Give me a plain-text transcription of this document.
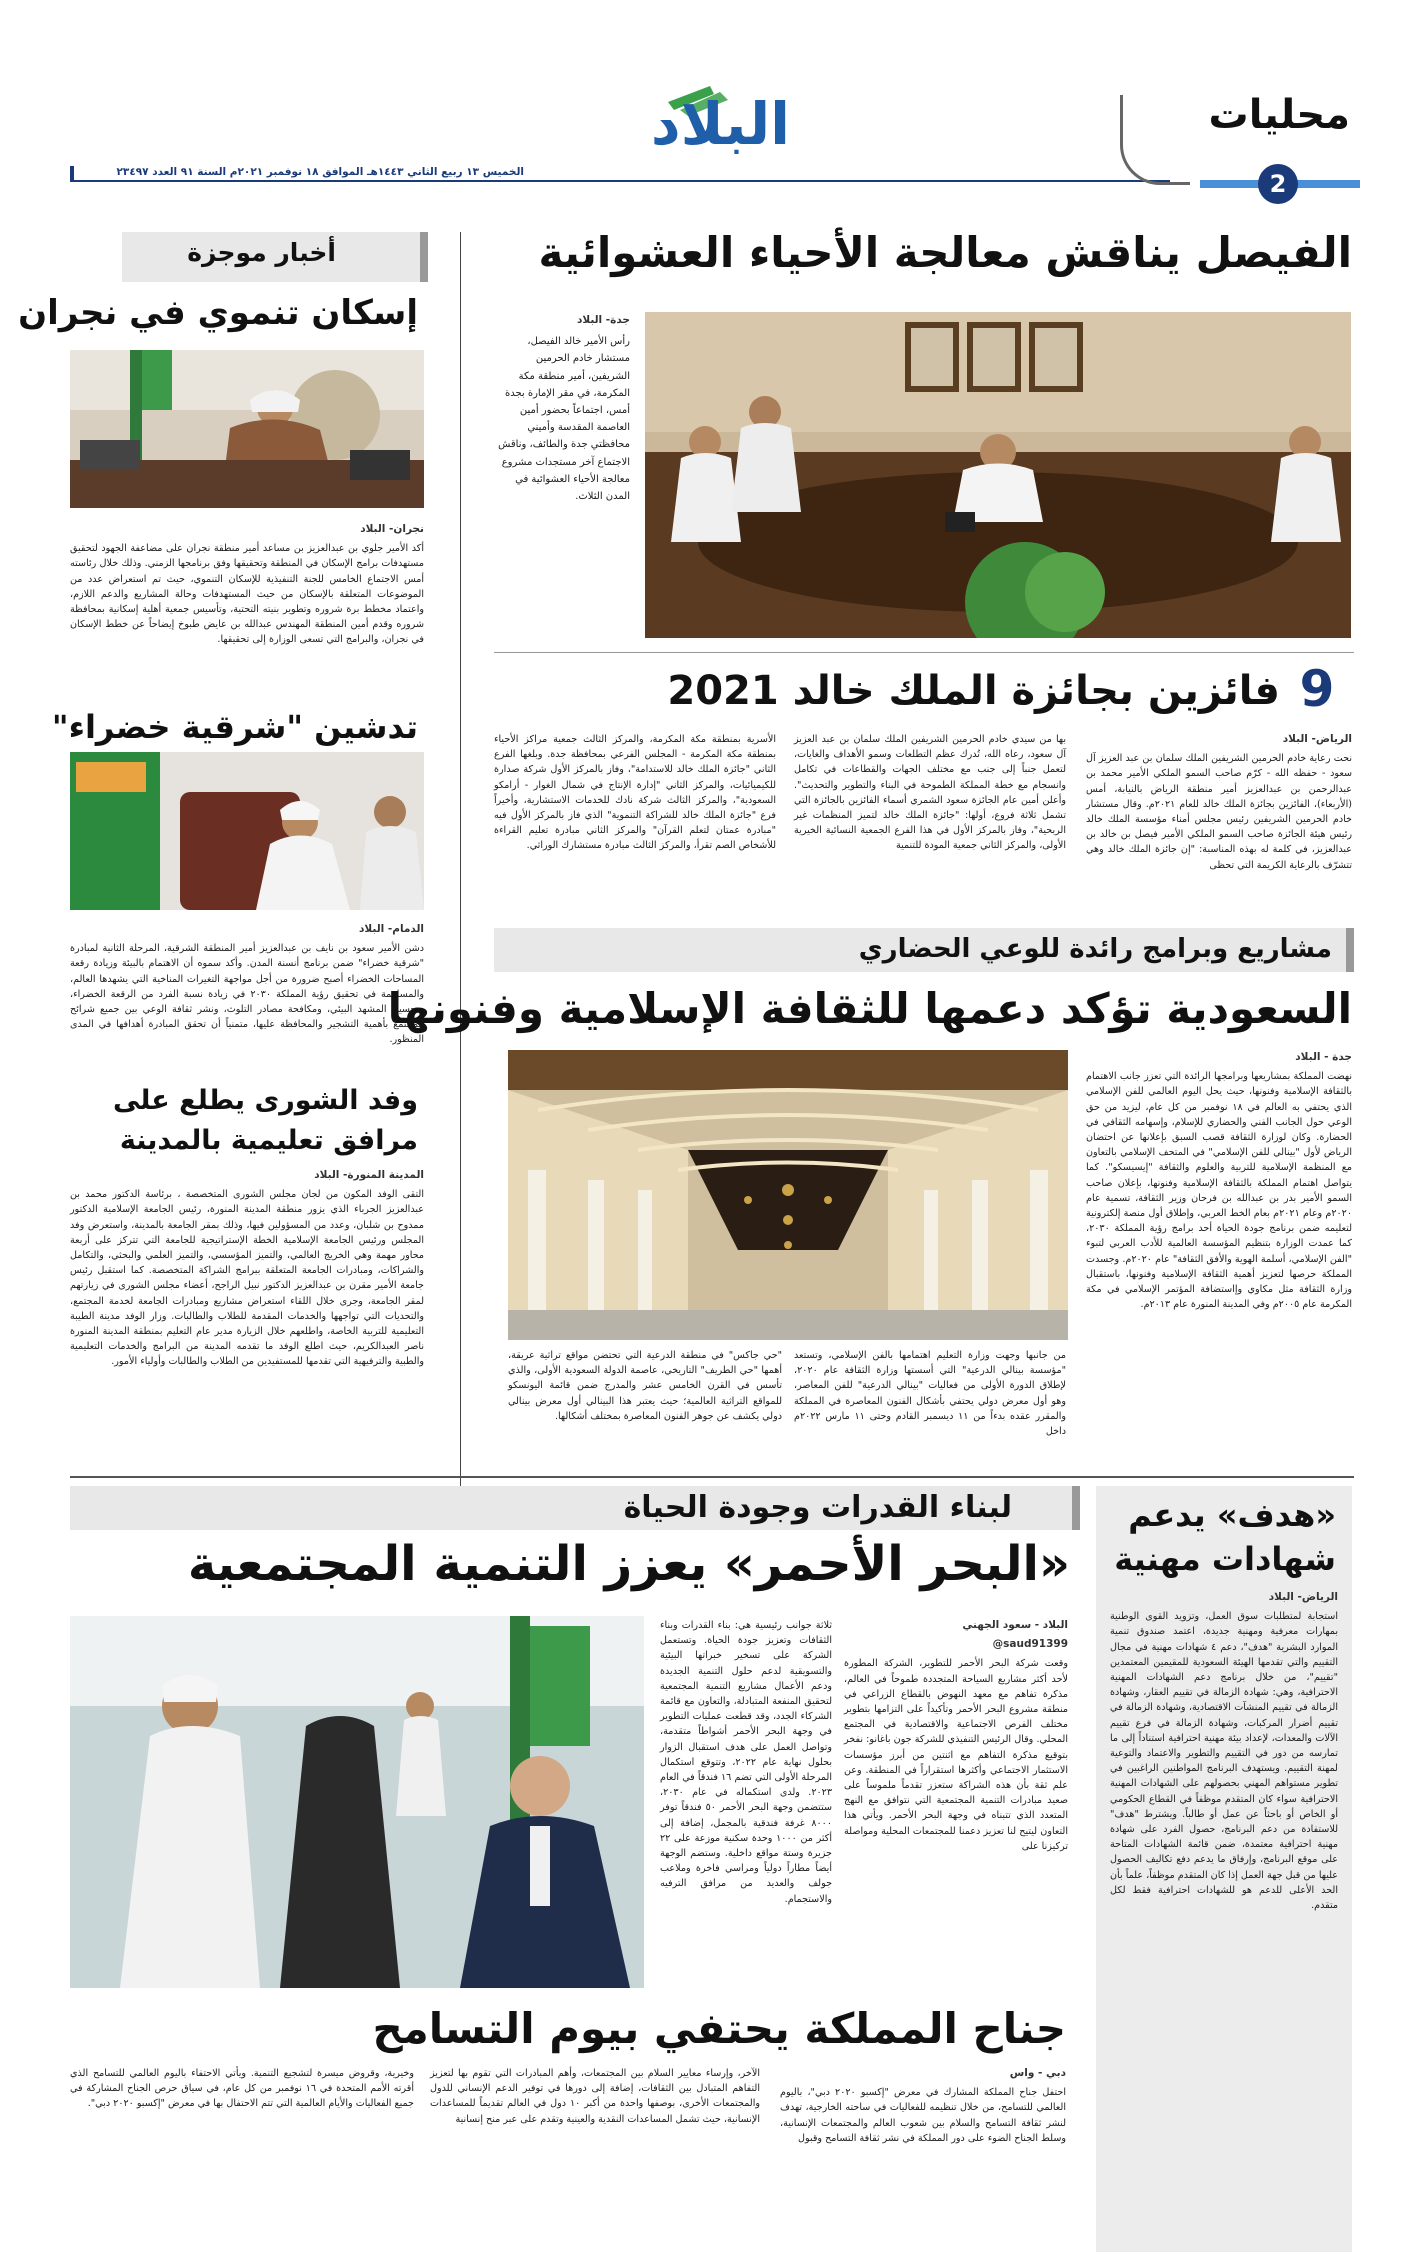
محليات
2
البلاد
الخميس ١٣ ربيع الثاني ١٤٤٣هـ الموافق ١٨ نوفمبر ٢٠٢١م السنة ٩١ العدد ٢٣٤٩٧
أخبار موجزة
إسكان تنموي في نجران
نجران- البلاد
أكد الأمير جلوي بن عبدالعزيز بن مساعد أمير منطقة نجران على مضاعفة الجهود لتحقيق مستهدفات برامج الإسكان في المنطقة وتحقيقها وفق برنامجها الزمني. وذلك خلال رئاسته أمس الاجتماع الخامس للجنة التنفيذية للإسكان التنموي، حيث تم استعراض عدد من الموضوعات المتعلقة بالإسكان من حيث المستهدفات وحالة المشاريع والدعم اللازم، واعتماد مخطط برة شروره وتطوير بنيته التحتية، وتأسيس جمعية أهلية إسكانية بمحافظة شروره وقدم أمين المنطقة المهندس عبدالله بن عايض طبوخ إيضاحاً عن خطط الإسكان في نجران، والبرامج التي تسعى الوزارة إلى تحقيقها.
تدشين "شرقية خضراء"
الدمام- البلاد
دشن الأمير سعود بن نايف بن عبدالعزيز أمير المنطقة الشرقية، المرحلة الثانية لمبادرة "شرقية خضراء" ضمن برنامج أنسنة المدن. وأكد سموه أن الاهتمام بالبيئة وزيادة رقعة المساحات الخضراء أصبح ضرورة من أجل مواجهة التغيرات المناخية التي يشهدها العالم، والمساهمة في تحقيق رؤية المملكة ٢٠٣٠ في زيادة نسبة الفرد من الرقعة الخضراء، وتحسين المشهد البيئي، ومكافحة مصادر التلوث، ونشر ثقافة الوعي بين جميع شرائح المجتمع بأهمية التشجير والمحافظة عليها، متمنياً أن تحقق المبادرة أهدافها في المدى المنظور.
وفد الشورى يطلع على
مرافق تعليمية بالمدينة
المدينة المنورة- البلاد
التقى الوفد المكون من لجان مجلس الشورى المتخصصة ، برئاسة الدكتور محمد بن عبدالعزيز الجرباء الذي يزور منطقة المدينة المنورة، رئيس الجامعة الإسلامية الدكتور ممدوح بن شلبان، وعدد من المسؤولين فيها، وذلك بمقر الجامعة بالمدينة، واستعرض وفد المجلس ورئيس الجامعة الإسلامية الخطة الإستراتيجية للجامعة التي تتركز على أربعة محاور مهمة وهي الخريج العالمي، والتميز المؤسسي، والتميز العلمي والبحثي، والتكامل والشراكات، ومبادرات الجامعة المتعلقة ببرامج الشراكة المتخصصة. كما استقبل رئيس جامعة الأمير مقرن بن عبدالعزيز الدكتور نبيل الراجح، أعضاء مجلس الشورى في زيارتهم لمقر الجامعة، وجرى خلال اللقاء استعراض مشاريع ومبادرات الجامعة لخدمة المجتمع، والتحديات التي تواجهها والخدمات المقدمة للطلاب والطالبات. وزار الوفد مدينة الطيبة التعليمية للتربية الخاصة، واطلعهم خلال الزيارة مدير عام التعليم بمنطقة المدينة المنورة ناصر العبدالكريم، حيث اطلع الوفد ما تقدمه المدينة من البرامج والخدمات التعليمية والطبية والترفيهية التي تقدمها للمستفيدين من الطلاب والطالبات وأولياء الأمور.
الفيصل يناقش معالجة الأحياء العشوائية
جدة- البلاد
رأس الأمير خالد الفيصل، مستشار خادم الحرمين الشريفين، أمير منطقة مكة المكرمة، في مقر الإمارة بجدة أمس، اجتماعاً بحضور أمين العاصمة المقدسة وأميني محافظتي جدة والطائف، وناقش الاجتماع آخر مستجدات مشروع معالجة الأحياء العشوائية في المدن الثلاث.
9
فائزين بجائزة الملك خالد 2021
الرياض- البلاد
نحت رعاية خادم الحرمين الشريفين الملك سلمان بن عبد العزيز آل سعود - حفظه الله - كرّم صاحب السمو الملكي الأمير محمد بن عبدالرحمن بن عبدالعزيز أمير منطقة الرياض بالنيابة، أمس (الأربعاء)، الفائزين بجائزة الملك خالد للعام ٢٠٢١م. وقال مستشار خادم الحرمين الشريفين رئيس مجلس أمناء مؤسسة الملك خالد رئيس هيئة الجائزة صاحب السمو الملكي الأمير فيصل بن خالد بن عبدالعزيز، في كلمة له بهذه المناسبة: "إن جائزة الملك خالد وهي تتشرّف بالرعاية الكريمة التي تحظى
بها من سيدي خادم الحرمين الشريفين الملك سلمان بن عبد العزيز آل سعود، رعاه الله، تُدرك عظم التطلعات وسمو الأهداف والغايات، لتعمل جنباً إلى جنب مع مختلف الجهات والقطاعات في تكامل وانسجام مع خطة المملكة الطموحة في البناء والتطوير والتحديث". وأعلن أمين عام الجائزة سعود الشمري أسماء الفائزين بالجائزة التي تشمل ثلاثة فروع، أولها: "جائزة الملك خالد لتميز المنظمات غير الربحية"، وفاز بالمركز الأول في هذا الفرع الجمعية النسائية الخيرية الأولى، والمركز الثاني جمعية المودة للتنمية
الأسرية بمنطقة مكة المكرمة، والمركز الثالث جمعية مراكز الأحياء بمنطقة مكة المكرمة - المجلس الفرعي بمحافظة جدة. وبلغها الفرع الثاني "جائزة الملك خالد للاستدامة"، وفاز بالمركز الأول شركة صدارة للكيميائيات، والمركز الثاني "إدارة الإنتاج في شمال الغوار - أرامكو السعودية"، والمركز الثالث شركة نادك للخدمات الاستشارية، وأخيراً فرع "جائزة الملك خالد للشراكة التنموية" الذي فاز بالمركز الأول فيه "مبادرة عمتان لتعلم القرآن" والمركز الثاني مبادرة تعليم القراءة للأشخاص الصم تقرأ، والمركز الثالث مبادرة مستشارك الوراثي.
مشاريع وبرامج رائدة للوعي الحضاري
السعودية تؤكد دعمها للثقافة الإسلامية وفنونها
جدة - البلاد
نهضت المملكة بمشاريعها وبرامجها الرائدة التي تعزز جانب الاهتمام بالثقافة الإسلامية وفنونها، حيث يحل اليوم العالمي للفن الإسلامي الذي يحتفي به العالم في ١٨ نوفمبر من كل عام، ليزيد من حق الوعي حول الجانب الفني والحضاري للإسلام، وإسهامه الثقافي في الحضارة. وكان لوزارة الثقافة قصب السبق بإعلانها عن احتضان الرياض لأول "بينالي للفن الإسلامي" في المتحف الإسلامي بالتعاون مع المنظمة الإسلامية للتربية والعلوم والثقافة "إيسيسكو". كما يتواصل اهتمام المملكة بالثقافة الإسلامية وفنونها، بإعلان صاحب السمو الأمير بدر بن عبدالله بن فرحان وزير الثقافة، تسمية عام ٢٠٢٠م وعام ٢٠٢١م بعام الخط العربي، وإطلاق أول منصة إلكترونية لتعليمه ضمن برنامج جودة الحياة أحد برامج رؤية المملكة ٢٠٣٠، كما عمدت الوزارة بتنظيم المؤسسة العالمية للأدب العربي لتبوء "الفن الإسلامي، أسلمة الهوية والأفق الثقافة" عام ٢٠٢٠م. وجسدت المملكة حرصها لتعزيز أهمية الثقافة الإسلامية وفنونها، باستقبال وزارة الثقافة مثل مكاوي وإاستضافة المؤتمر الإسلامي في مكة المكرمة عام ٢٠٠٥م وفي المدينة المنورة عام ٢٠١٣م.
من جانبها وجهت وزارة التعليم اهتمامها بالفن الإسلامي، وتستعد "مؤسسة بينالي الدرعية" التي أسستها وزارة الثقافة عام ٢٠٢٠، لإطلاق الدورة الأولى من فعاليات "بينالي الدرعية" للفن المعاصر، وهو أول معرض دولي يحتفي بأشكال الفنون المعاصرة في المملكة والمقرر عقده بدءاً من ١١ ديسمبر القادم وحتى ١١ مارس ٢٠٢٢م داخل
"حي جاكس" في منطقة الدرعية التي تحتضن مواقع تراثية عريقة، أهمها "حي الطريف" التاريخي، عاصمة الدولة السعودية الأولى، والذي تأسس في القرن الخامس عشر والمدرج ضمن قائمة اليونسكو للمواقع التراثية العالمية؛ حيث يعتبر هذا البينالي أول معرض بينالي دولي يكشف عن جوهر الفنون المعاصرة بمختلف أشكالها.
«هدف» يدعم
شهادات مهنية
الرياض- البلاد
استجابة لمتطلبات سوق العمل، وتزويد القوى الوطنية بمهارات معرفية ومهنية جديدة، اعتمد صندوق تنمية الموارد البشرية "هدف"، دعم ٤ شهادات مهنية في مجال التقييم والتي تقدمها الهيئة السعودية للمقيمين المعتمدين "تقييم"، من خلال برنامج دعم الشهادات المهنية الاحترافية، وهي: شهادة الزمالة في تقييم العقار، وشهادة الزمالة في تقييم المنشآت الاقتصادية، وشهادة الزمالة في تقييم أضرار المركبات، وشهادة الزمالة في فرع تقييم الآلات والمعدات، لإعداد بيئة مهنية احترافية استناداً إلى ما تمارسه من دور في التقييم والتطوير والاعتماد والتوعية لمهنة التقييم. ويستهدف البرنامج المواطنين الراغبين في تطوير مستواهم المهني بحصولهم على الشهادات المهنية الاحترافية سواء كان المتقدم موظفاً في القطاع الحكومي أو الخاص أو باحثاً عن عمل أو طالباً. ويشترط "هدف" للاستفادة من دعم البرنامج، حصول الفرد على شهادة مهنية احترافية معتمدة، ضمن قائمة الشهادات المتاحة على موقع البرنامج، وإرفاق ما يدعم دفع تكاليف الحصول عليها من قبل جهة العمل إذا كان المتقدم موظفاً، علماً بأن الحد الأعلى للدعم هو للشهادات احترافية فقط لكل متقدم.
لبناء القدرات وجودة الحياة
«البحر الأحمر» يعزز التنمية المجتمعية
البلاد - سعود الجهني
@saud91399
وقعت شركة البحر الأحمر للتطوير، الشركة المطورة لأحد أكثر مشاريع السياحة المتجددة طموحاً في العالم، مذكرة تفاهم مع معهد النهوض بالقطاع الزراعي في منطقة مشروع البحر الأحمر وتأكيداً على التزامها بتطوير مختلف الفرص الاجتماعية والاقتصادية في المجتمع المحلي. وقال الرئيس التنفيذي للشركة جون باغانو: نفخر بتوقيع مذكرة التفاهم مع اثنتين من أبرز مؤسسات الاستثمار الاجتماعي وأكثرها استقراراً في المنطقة. وعن علم ثقة بأن هذه الشراكة ستعزز تقدماً ملموساً على صعيد مبادرات التنمية المجتمعية التي نتوافق مع النهج المتعدد الذي تتبناه في وجهة البحر الأحمر. ويأتي هذا التعاون ليتيح لنا تعزيز دعمنا للمجتمعات المحلية ومواصلة تركيزنا على
ثلاثة جوانب رئيسية هي: بناء القدرات وبناء الثقافات وتعزيز جودة الحياة. وتستعمل الشركة على تسخير خبراتها البيئية والتسويقية لدعم حلول التنمية الجديدة ودعم الأعمال مشاريع التنمية المجتمعية لتحقيق المنفعة المتبادلة، والتعاون مع قائمة الشركاء الجدد، وقد قطعت عمليات التطوير في وجهة البحر الأحمر أشواطاً متقدمة، وتواصل العمل على هدف استقبال الزوار بحلول نهاية عام ٢٠٢٢، وتتوقع استكمال المرحلة الأولى التي تضم ١٦ فندقاً في العام ٢٠٢٣. ولدى استكماله في عام ٢٠٣٠، ستتضمن وجهة البحر الأحمر ٥٠ فندقاً توفر ٨٠٠٠ غرفة فندقية بالمجمل، إضافة إلى أكثر من ١٠٠٠ وحدة سكنية موزعة على ٢٢ جزيرة وستة مواقع داخلية. وستضم الوجهة أيضاً مطاراً دولياً ومراسي فاخرة وملاعب جولف والعديد من مرافق الترفيه والاستجمام.
جناح المملكة يحتفي بيوم التسامح
دبي - واس
احتفل جناح المملكة المشارك في معرض "إكسبو ٢٠٢٠ دبي"، باليوم العالمي للتسامح، من خلال تنظيمه للفعاليات في ساحته الخارجية، تهدف لنشر ثقافة التسامح والسلام بين شعوب العالم والمجتمعات الإنسانية، وسلط الجناح الضوء على دور المملكة في نشر ثقافة التسامح وقبول
الآخر، وإرساء معايير السلام بين المجتمعات، وأهم المبادرات التي تقوم بها لتعزيز التفاهم المتبادل بين الثقافات، إضافة إلى دورها في توفير الدعم الإنساني للدول والمجتمعات الأخرى، بوصفها واحدة من أكبر ١٠ دول في العالم تقديماً للمساعدات الإنسانية، حيث تشمل المساعدات النقدية والعينية وتقدم على عبر منح إنسانية
وخيرية، وقروض ميسرة لتشجيع التنمية. ويأتي الاحتفاء باليوم العالمي للتسامح الذي أقرته الأمم المتحدة في ١٦ نوفمبر من كل عام، في سياق حرص الجناح المشاركة في جميع الفعاليات والأيام العالمية التي تتم الاحتفال بها في معرض "إكسبو ٢٠٢٠ دبي".
